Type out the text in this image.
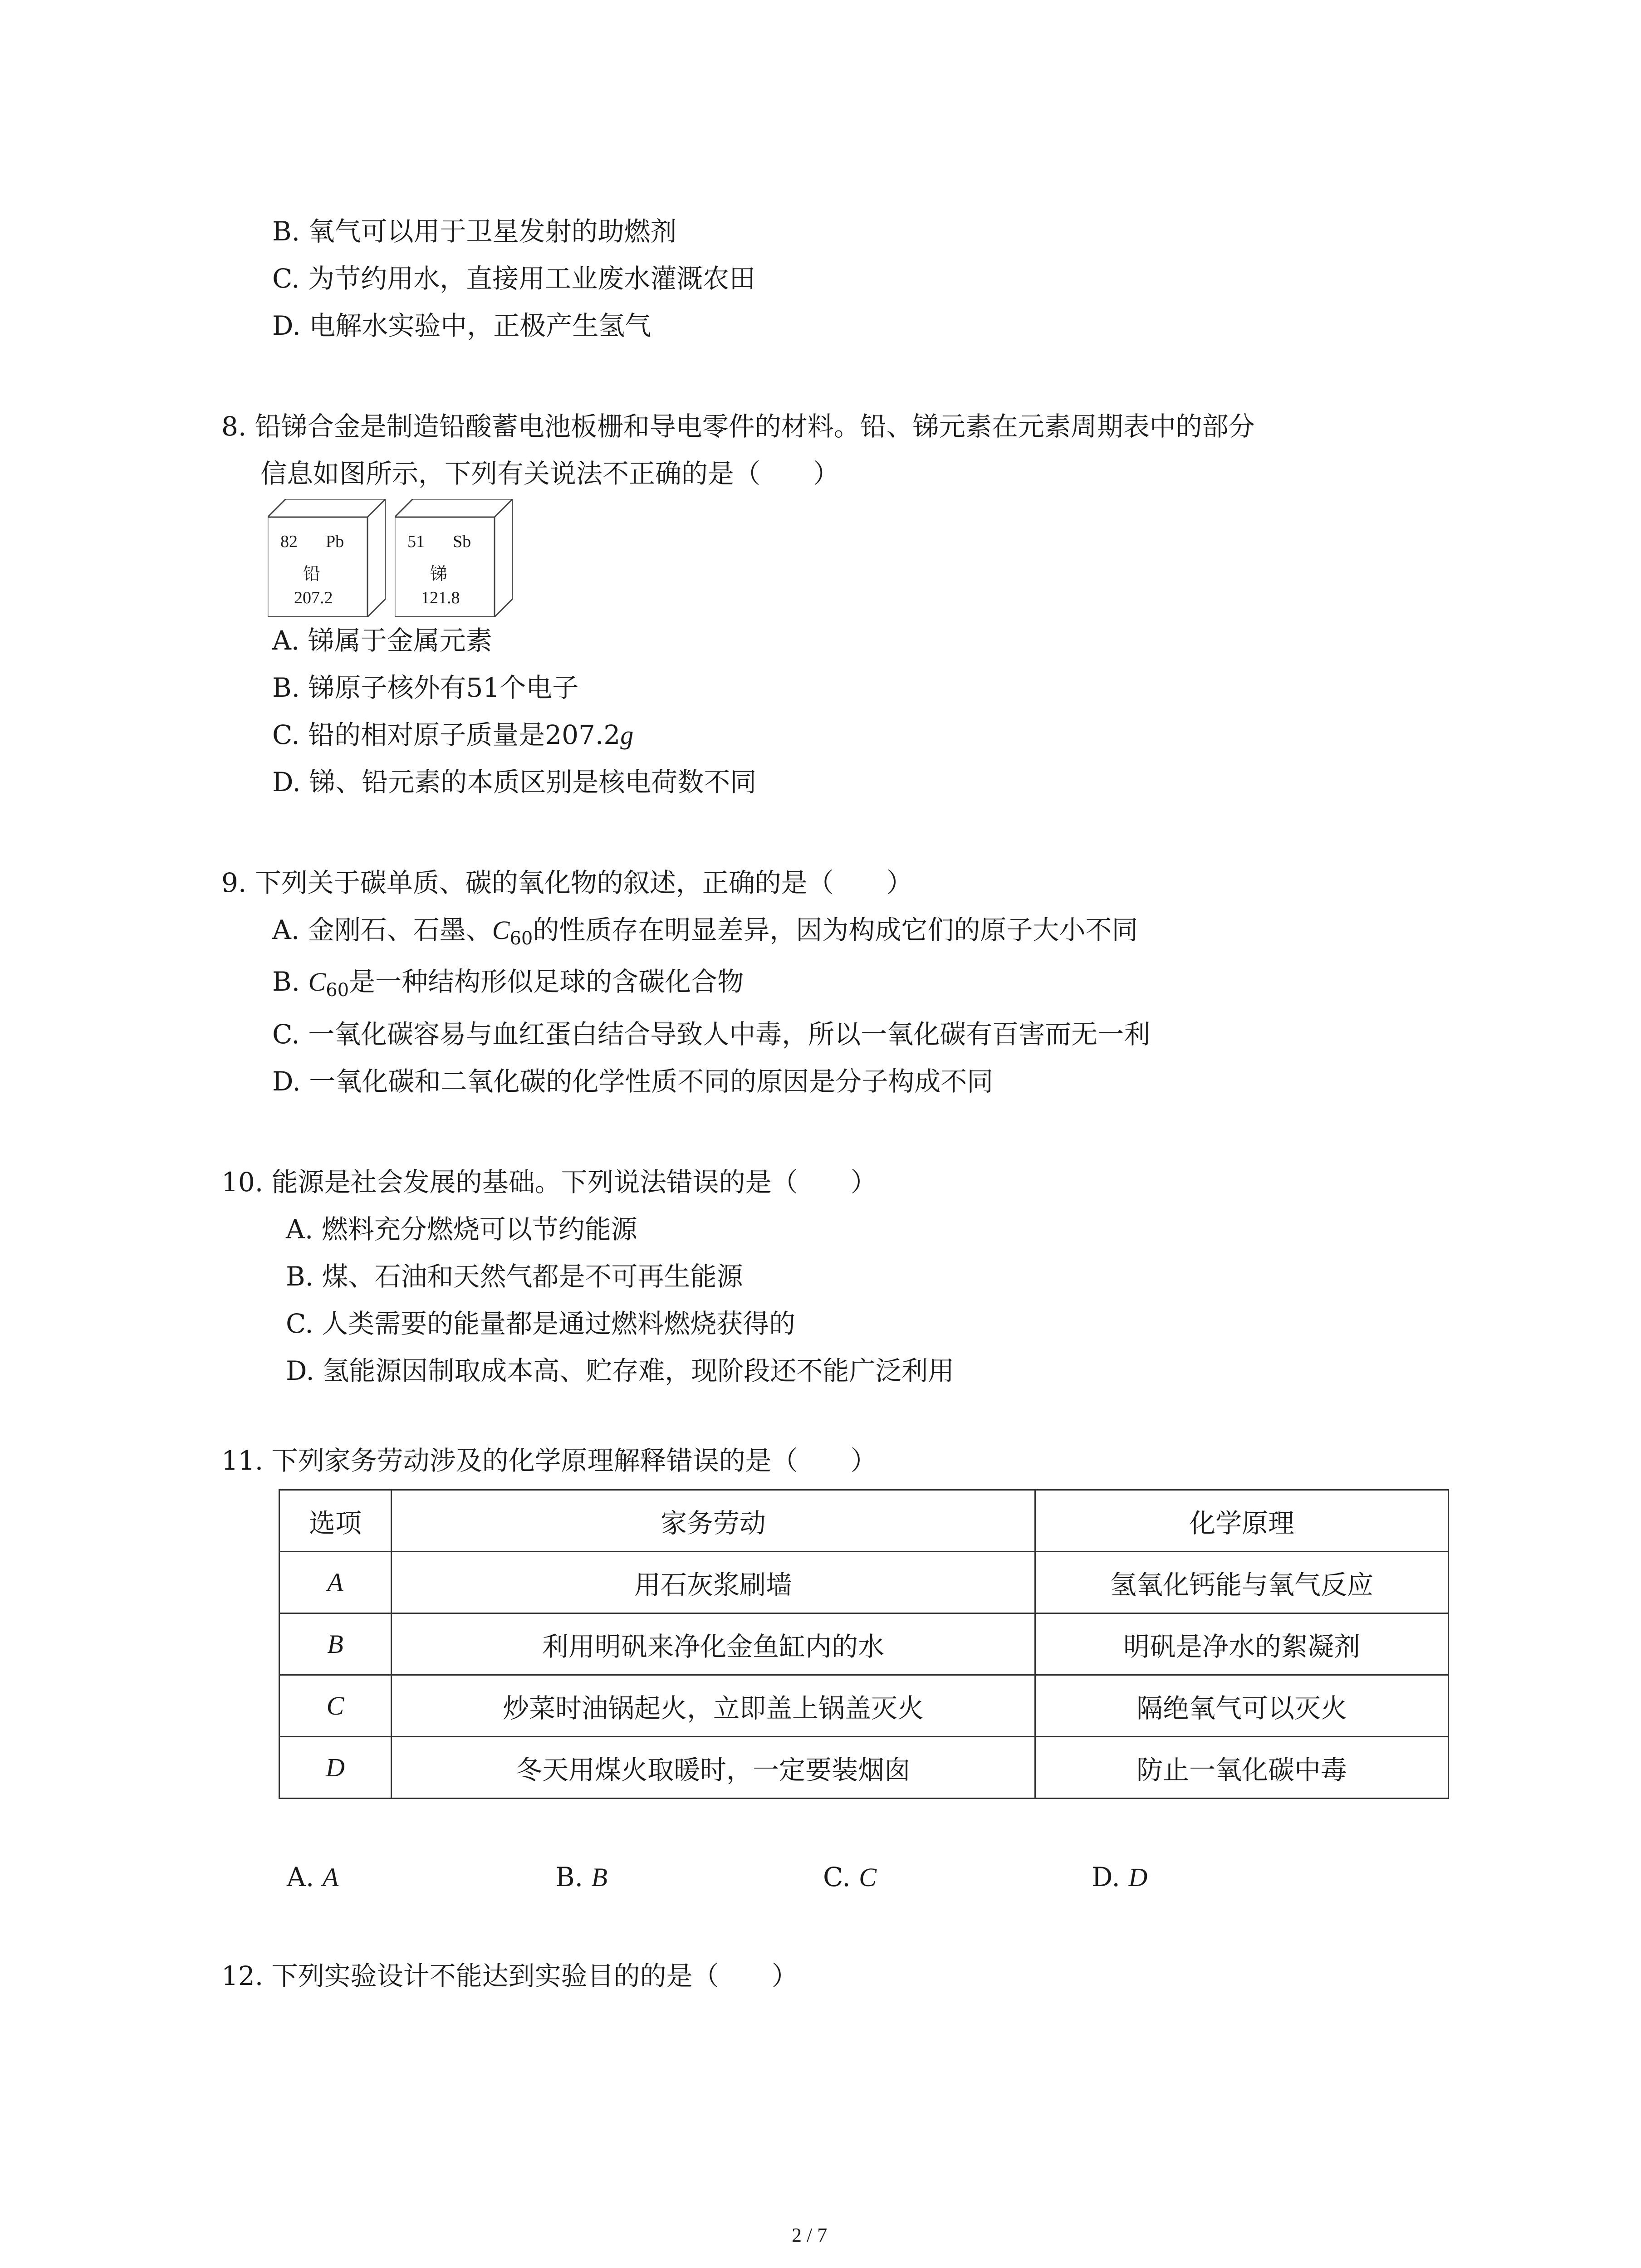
B. 氧气可以用于卫星发射的助燃剂
C. 为节约用水，直接用工业废水灌溉农田
D. 电解水实验中，正极产生氢气
8. 铅锑合金是制造铅酸蓄电池板栅和导电零件的材料。铅、锑元素在元素周期表中的部分
信息如图所示，下列有关说法不正确的是（　　）
82 Pb
铅
207.2
51 Sb
锑
121.8
A. 锑属于金属元素
B. 锑原子核外有51个电子
C. 铅的相对原子质量是207.2g
D. 锑、铅元素的本质区别是核电荷数不同
9. 下列关于碳单质、碳的氧化物的叙述，正确的是（　　）
A. 金刚石、石墨、$C_{60}$的性质存在明显差异，因为构成它们的原子大小不同
B. $C_{60}$是一种结构形似足球的含碳化合物
C. 一氧化碳容易与血红蛋白结合导致人中毒，所以一氧化碳有百害而无一利
D. 一氧化碳和二氧化碳的化学性质不同的原因是分子构成不同
10. 能源是社会发展的基础。下列说法错误的是（　　）
A. 燃料充分燃烧可以节约能源
B. 煤、石油和天然气都是不可再生能源
C. 人类需要的能量都是通过燃料燃烧获得的
D. 氢能源因制取成本高、贮存难，现阶段还不能广泛利用
11. 下列家务劳动涉及的化学原理解释错误的是（　　）
选项	家务劳动	化学原理
A	用石灰浆刷墙	氢氧化钙能与氧气反应
B	利用明矾来净化金鱼缸内的水	明矾是净水的絮凝剂
C	炒菜时油锅起火，立即盖上锅盖灭火	隔绝氧气可以灭火
D	冬天用煤火取暖时，一定要装烟囱	防止一氧化碳中毒
A. A	B. B	C. C	D. D
12. 下列实验设计不能达到实验目的的是（　　）
2 / 7
